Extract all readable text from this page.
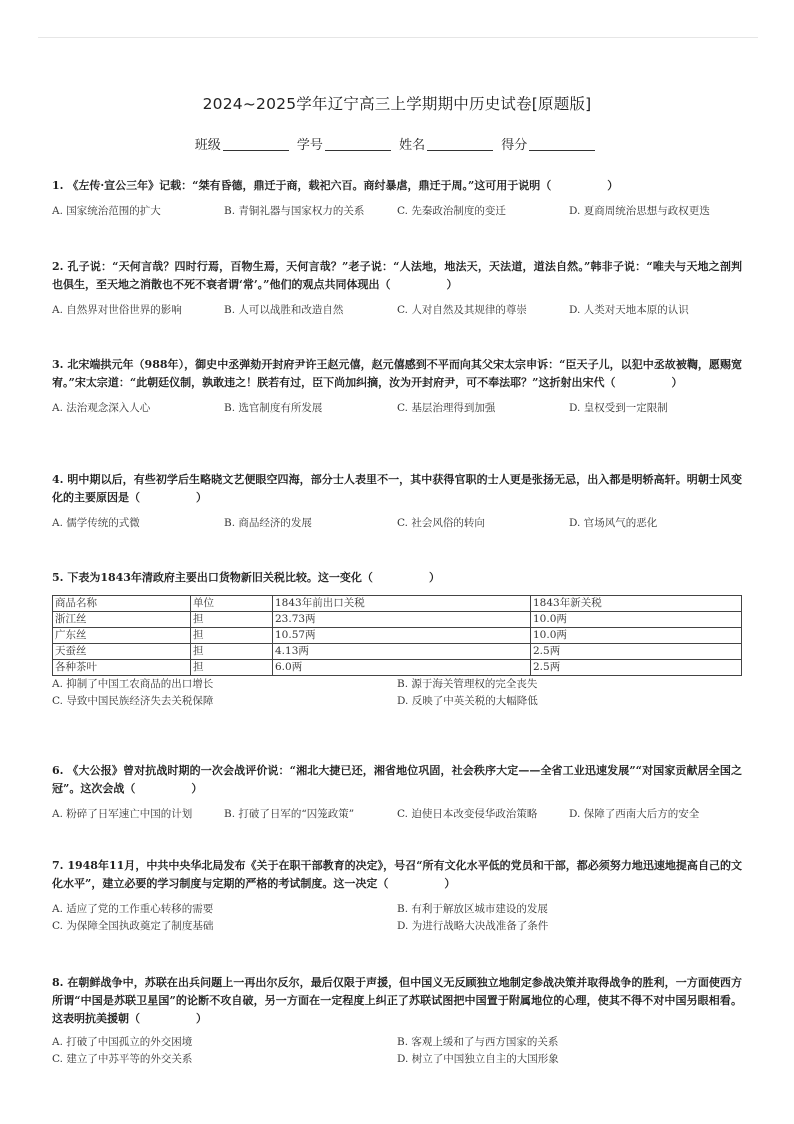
2024~2025学年辽宁高三上学期期中历史试卷[原题版]
班级	学号	姓名	得分
1. 《左传·宣公三年》记载：“桀有昏德，鼎迁于商，载祀六百。商纣暴虐，鼎迁于周。”这可用于说明（	）
A. 国家统治范围的扩大	B. 青铜礼器与国家权力的关系	C. 先秦政治制度的变迁	D. 夏商周统治思想与政权更迭
2. 孔子说：“天何言哉？四时行焉，百物生焉，天何言哉？”老子说：“人法地，地法天，天法道，道法自然。”韩非子说：“唯夫与天地之剖判也俱生，至天地之消散也不死不衰者谓‘常’。”他们的观点共同体现出（	）
A. 自然界对世俗世界的影响	B. 人可以战胜和改造自然	C. 人对自然及其规律的尊崇	D. 人类对天地本原的认识
3. 北宋端拱元年（988年），御史中丞弹劾开封府尹许王赵元僖，赵元僖感到不平而向其父宋太宗申诉：“臣天子儿，以犯中丞故被鞫，愿赐宽宥。”宋太宗道：“此朝廷仪制，孰敢违之！朕若有过，臣下尚加纠摘，汝为开封府尹，可不奉法耶？”这折射出宋代（	）
A. 法治观念深入人心	B. 选官制度有所发展	C. 基层治理得到加强	D. 皇权受到一定限制
4. 明中期以后，有些初学后生略晓文艺便眼空四海，部分士人表里不一，其中获得官职的士人更是张扬无忌，出入都是明轿高轩。明朝士风变化的主要原因是（	）
A. 儒学传统的式微	B. 商品经济的发展	C. 社会风俗的转向	D. 官场风气的恶化
5. 下表为1843年清政府主要出口货物新旧关税比较。这一变化（	）
商品名称	单位	1843年前出口关税	1843年新关税
浙江丝	担	23.73两	10.0两
广东丝	担	10.57两	10.0两
天蚕丝	担	4.13两	2.5两
各种茶叶	担	6.0两	2.5两
A. 抑制了中国工农商品的出口增长	B. 源于海关管理权的完全丧失
C. 导致中国民族经济失去关税保障	D. 反映了中英关税的大幅降低
6. 《大公报》曾对抗战时期的一次会战评价说：“湘北大捷已还，湘省地位巩固，社会秩序大定——全省工业迅速发展”“对国家贡献居全国之冠”。这次会战（	）
A. 粉碎了日军速亡中国的计划	B. 打破了日军的“囚笼政策”	C. 迫使日本改变侵华政治策略	D. 保障了西南大后方的安全
7. 1948年11月，中共中央华北局发布《关于在职干部教育的决定》，号召“所有文化水平低的党员和干部，都必须努力地迅速地提高自己的文化水平”，建立必要的学习制度与定期的严格的考试制度。这一决定（	）
A. 适应了党的工作重心转移的需要	B. 有利于解放区城市建设的发展
C. 为保障全国执政奠定了制度基础	D. 为进行战略大决战准备了条件
8. 在朝鲜战争中，苏联在出兵问题上一再出尔反尔，最后仅限于声援，但中国义无反顾独立地制定参战决策并取得战争的胜利，一方面使西方所谓“中国是苏联卫星国”的论断不攻自破，另一方面在一定程度上纠正了苏联试图把中国置于附属地位的心理，使其不得不对中国另眼相看。这表明抗美援朝（	）
A. 打破了中国孤立的外交困境	B. 客观上缓和了与西方国家的关系
C. 建立了中苏平等的外交关系	D. 树立了中国独立自主的大国形象
